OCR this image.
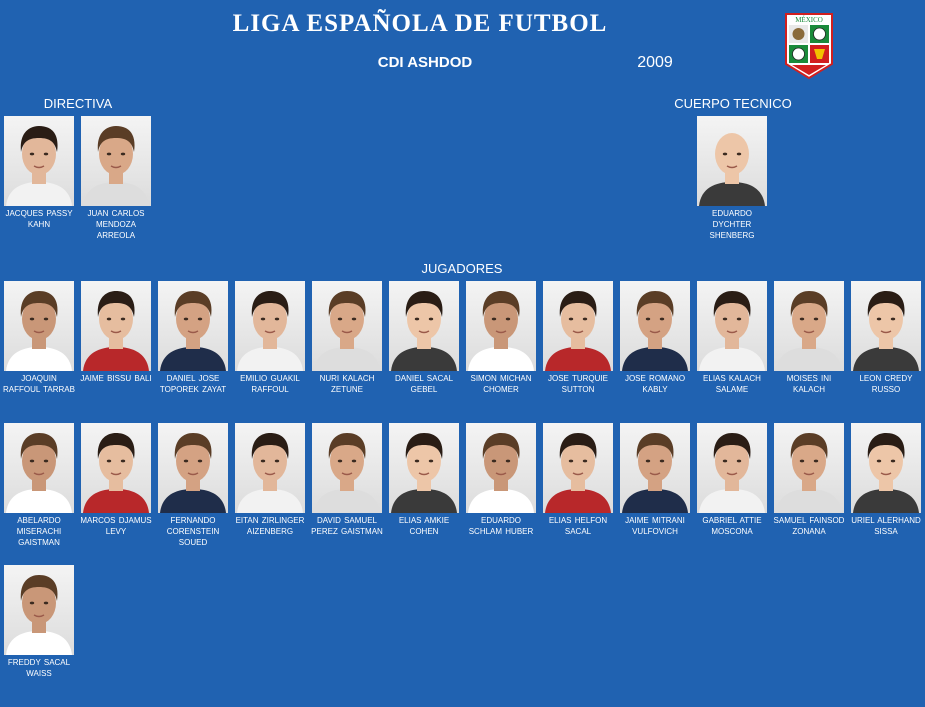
LIGA ESPAÑOLA DE FUTBOL
CDI ASHDOD	2009
MÉXICO
DIRECTIVA	CUERPO TECNICO
JUGADORES
JACQUES PASSY KAHN
JUAN CARLOS MENDOZA ARREOLA
EDUARDO DYCHTER SHENBERG
JOAQUIN RAFFOUL TARRAB
JAIME BISSU BALI	DANIEL JOSE TOPOREK ZAYAT
EMILIO GUAKIL RAFFOUL
NURI KALACH ZETUNE
DANIEL SACAL GEBEL
SIMON MICHAN CHOMER
JOSE TURQUIE SUTTON
JOSE ROMANO KABLY
ELIAS KALACH SALAME
MOISES INI KALACH
LEON CREDY RUSSO
ABELARDO MISERACHI GAISTMAN
MARCOS DJAMUS LEVY
FERNANDO CORENSTEIN SOUED
EITAN ZIRLINGER AIZENBERG
DAVID SAMUEL PEREZ GAISTMAN
ELIAS AMKIE COHEN
EDUARDO SCHLAM HUBER
ELIAS HELFON SACAL
JAIME MITRANI VULFOVICH
GABRIEL ATTIE MOSCONA
SAMUEL FAINSOD ZONANA
URIEL ALERHAND SISSA
FREDDY SACAL WAISS
